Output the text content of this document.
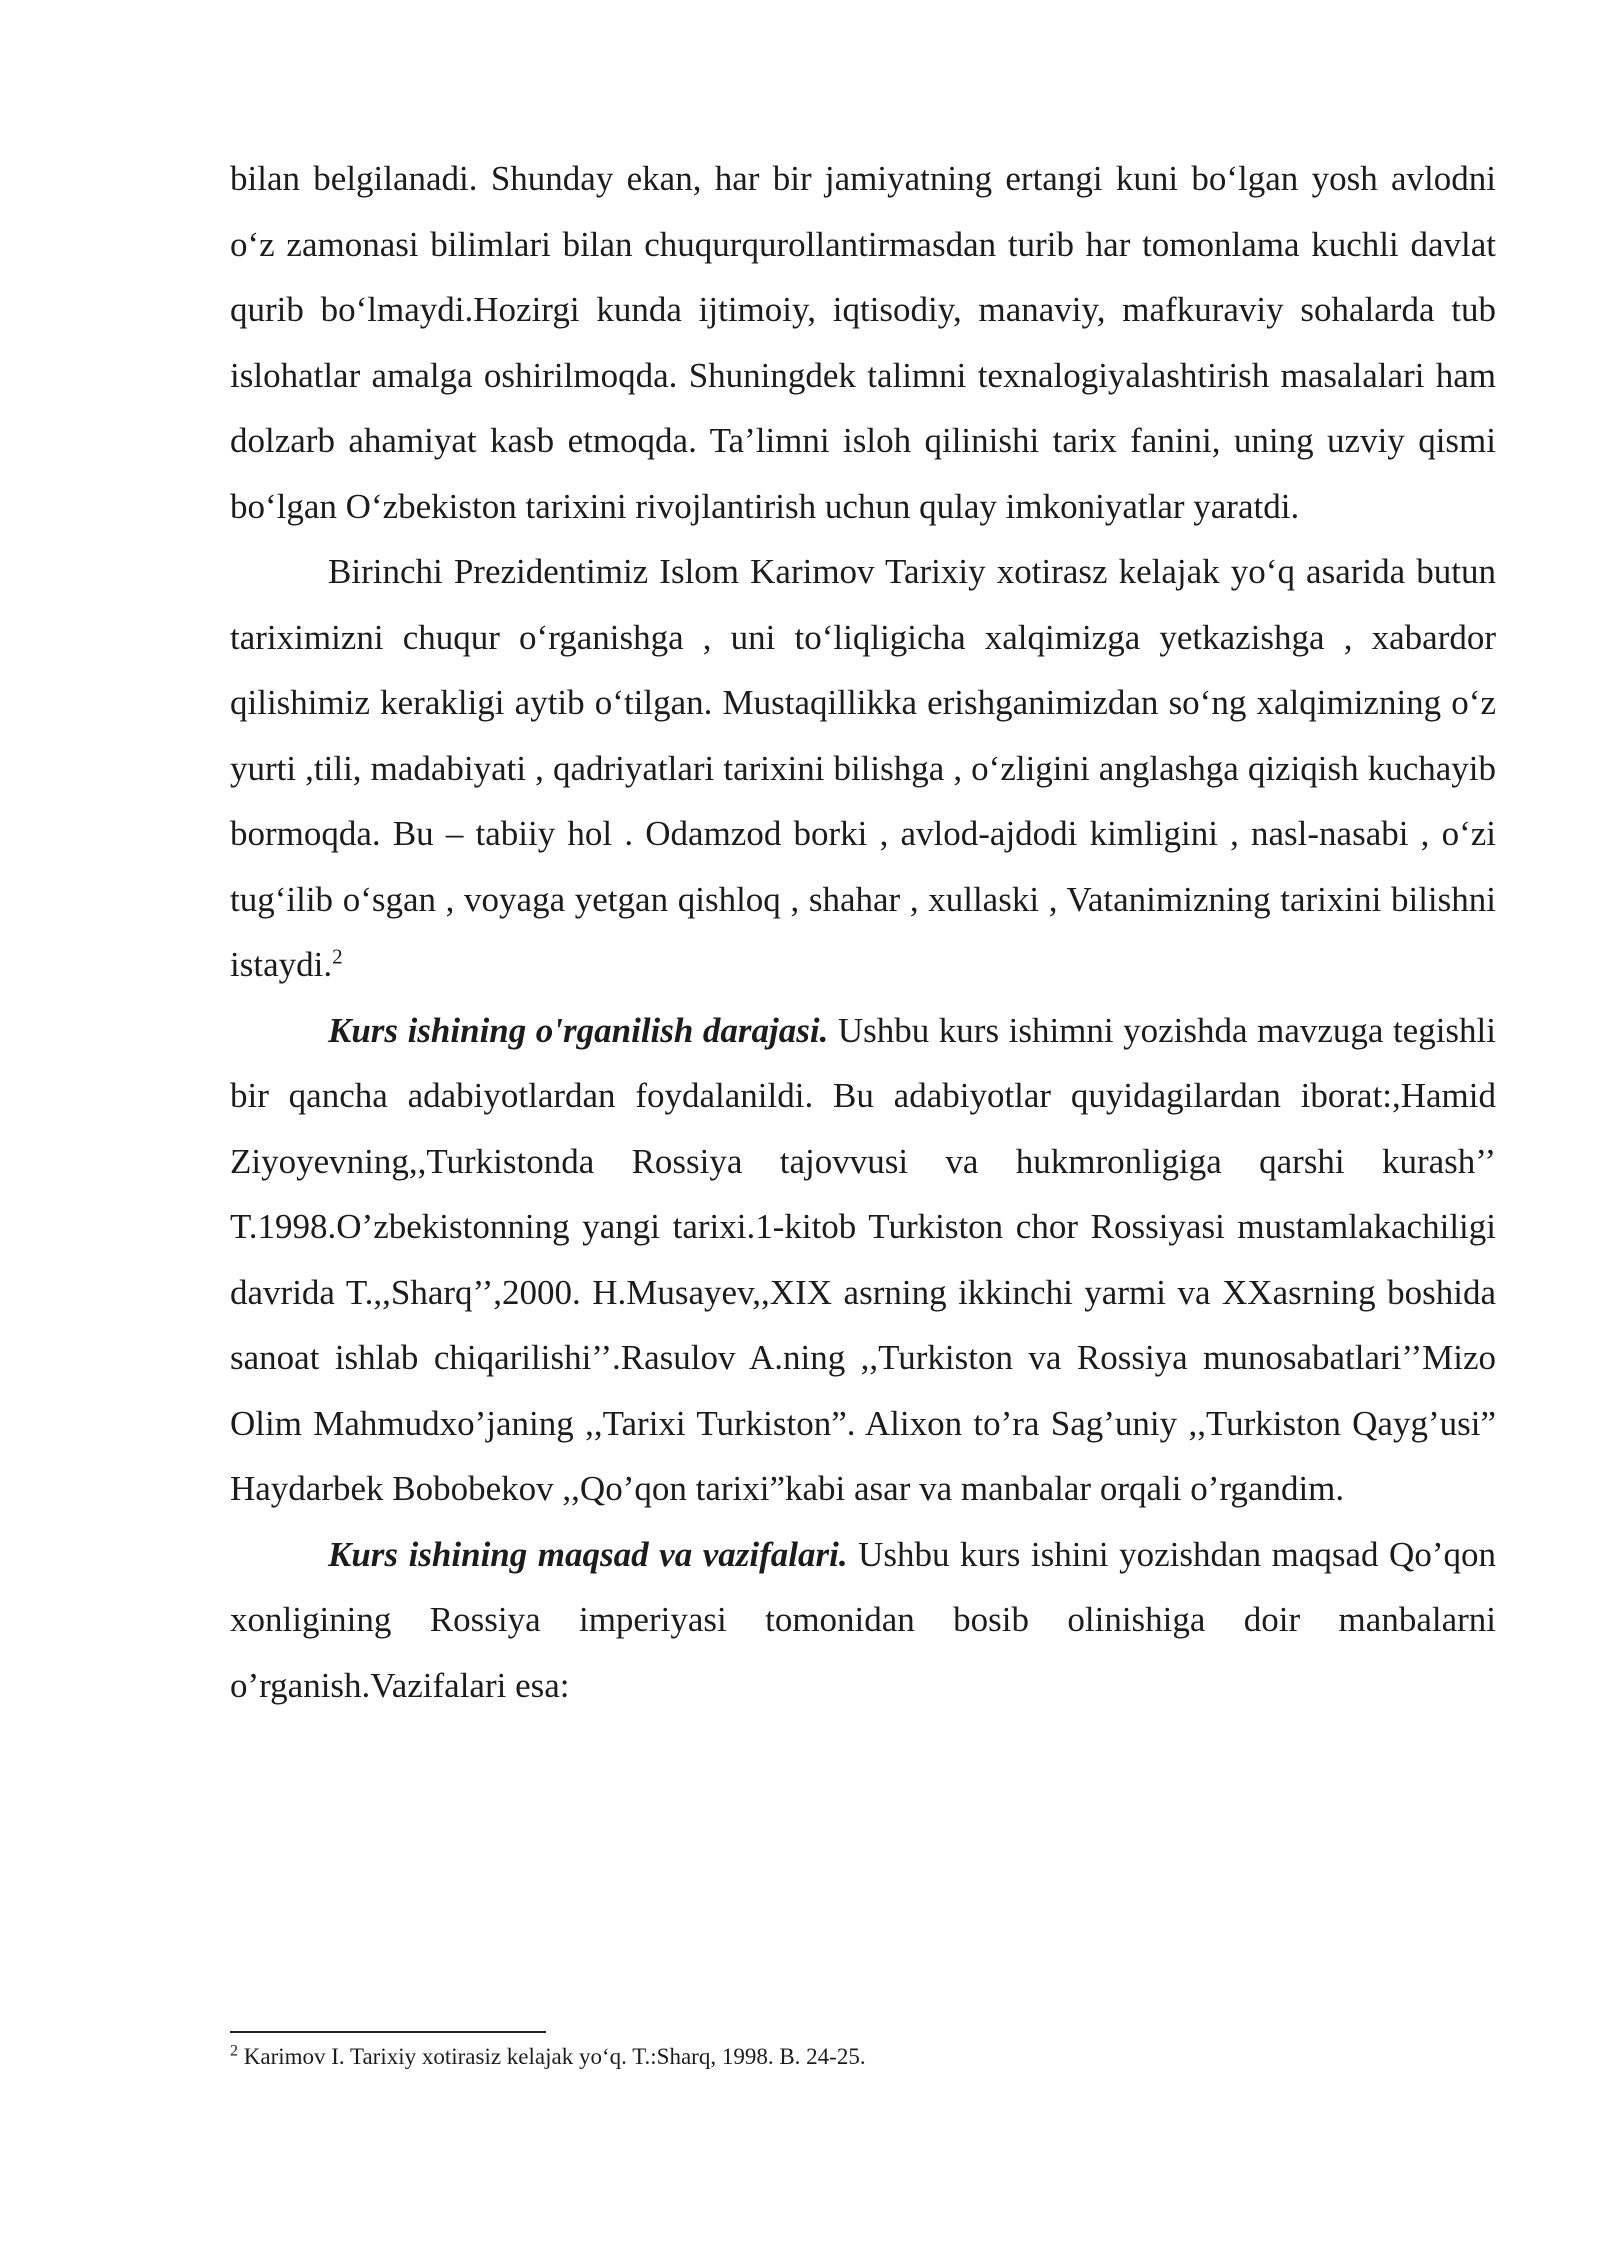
bilan belgilanadi. Shunday ekan, har bir jamiyatning ertangi kuni bo‘lgan yosh avlodni o‘z zamonasi bilimlari bilan chuqurqurollantirmasdan turib har tomonlama kuchli davlat qurib bo‘lmaydi.Hozirgi kunda ijtimoiy, iqtisodiy, manaviy, mafkuraviy sohalarda tub islohatlar amalga oshirilmoqda. Shuningdek talimni texnalogiyalashtirish masalalari ham dolzarb ahamiyat kasb etmoqda. Ta’limni isloh qilinishi tarix fanini, uning uzviy qismi bo‘lgan O‘zbekiston tarixini rivojlantirish uchun qulay imkoniyatlar yaratdi.

Birinchi Prezidentimiz Islom Karimov Tarixiy xotirasz kelajak yo‘q asarida butun tariximizni chuqur o‘rganishga , uni to‘liqligicha xalqimizga yetkazishga , xabardor qilishimiz kerakligi aytib o‘tilgan. Mustaqillikka erishganimizdan so‘ng xalqimizning o‘z yurti ,tili, madabiyati , qadriyatlari tarixini bilishga , o‘zligini anglashga qiziqish kuchayib bormoqda. Bu – tabiiy hol . Odamzod borki , avlod-ajdodi kimligini , nasl-nasabi , o‘zi tug‘ilib o‘sgan , voyaga yetgan qishloq , shahar , xullaski , Vatanimizning tarixini bilishni istaydi.$^2$

Kurs ishining o'rganilish darajasi. Ushbu kurs ishimni yozishda mavzuga tegishli bir qancha adabiyotlardan foydalanildi. Bu adabiyotlar quyidagilardan iborat:,Hamid Ziyoyevning,,Turkistonda Rossiya tajovvusi va hukmronligiga qarshi kurash’’ T.1998.O’zbekistonning yangi tarixi.1-kitob Turkiston chor Rossiyasi mustamlakachiligi davrida T.,,Sharq’’,2000. H.Musayev,,XIX asrning ikkinchi yarmi va XXasrning boshida sanoat ishlab chiqarilishi’’.Rasulov A.ning ,,Turkiston va Rossiya munosabatlari’’Mizo Olim Mahmudxo’janing ,,Tarixi Turkiston”. Alixon to’ra Sag’uniy ,,Turkiston Qayg’usi” Haydarbek Bobobekov ,,Qo’qon tarixi”kabi asar va manbalar orqali o’rgandim.

Kurs ishining maqsad va vazifalari. Ushbu kurs ishini yozishdan maqsad Qo’qon xonligining Rossiya imperiyasi tomonidan bosib olinishiga doir manbalarni o’rganish.Vazifalari esa:

$^2$ Karimov I. Tarixiy xotirasiz kelajak yo‘q. T.:Sharq, 1998. B. 24-25.
